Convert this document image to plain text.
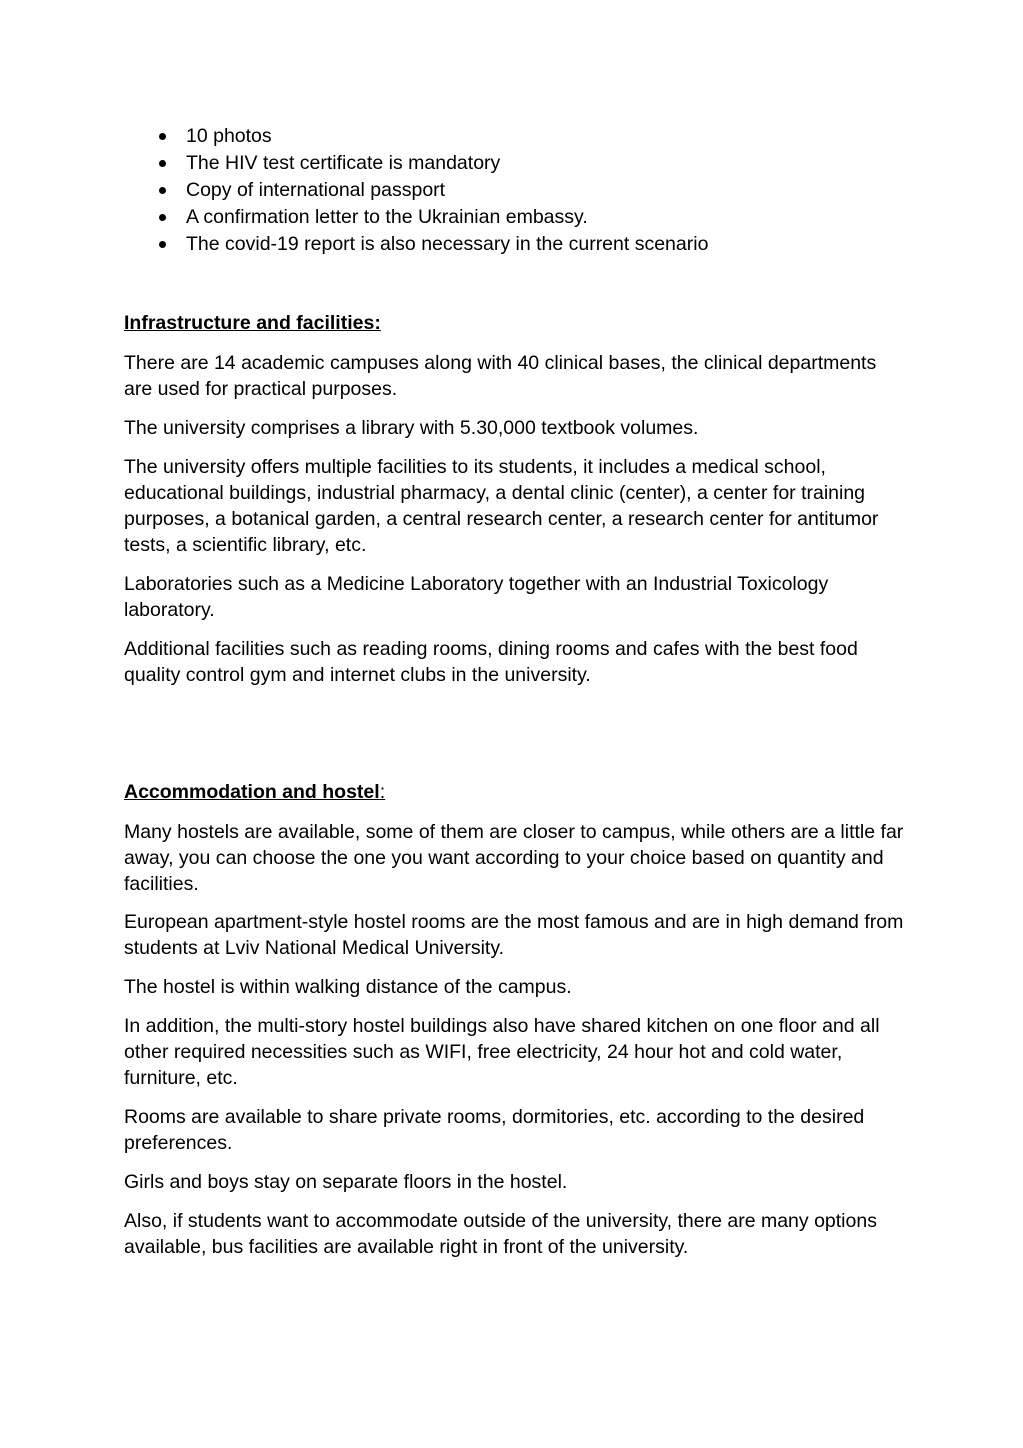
10 photos
The HIV test certificate is mandatory
Copy of international passport
A confirmation letter to the Ukrainian embassy.
The covid-19 report is also necessary in the current scenario

Infrastructure and facilities:

There are 14 academic campuses along with 40 clinical bases, the clinical departments are used for practical purposes.

The university comprises a library with 5.30,000 textbook volumes.

The university offers multiple facilities to its students, it includes a medical school, educational buildings, industrial pharmacy, a dental clinic (center), a center for training purposes, a botanical garden, a central research center, a research center for antitumor tests, a scientific library, etc.

Laboratories such as a Medicine Laboratory together with an Industrial Toxicology laboratory.

Additional facilities such as reading rooms, dining rooms and cafes with the best food quality control gym and internet clubs in the university.

Accommodation and hostel:

Many hostels are available, some of them are closer to campus, while others are a little far away, you can choose the one you want according to your choice based on quantity and facilities.

European apartment-style hostel rooms are the most famous and are in high demand from students at Lviv National Medical University.

The hostel is within walking distance of the campus.

In addition, the multi-story hostel buildings also have shared kitchen on one floor and all other required necessities such as WIFI, free electricity, 24 hour hot and cold water, furniture, etc.

Rooms are available to share private rooms, dormitories, etc. according to the desired preferences.

Girls and boys stay on separate floors in the hostel.

Also, if students want to accommodate outside of the university, there are many options available, bus facilities are available right in front of the university.
